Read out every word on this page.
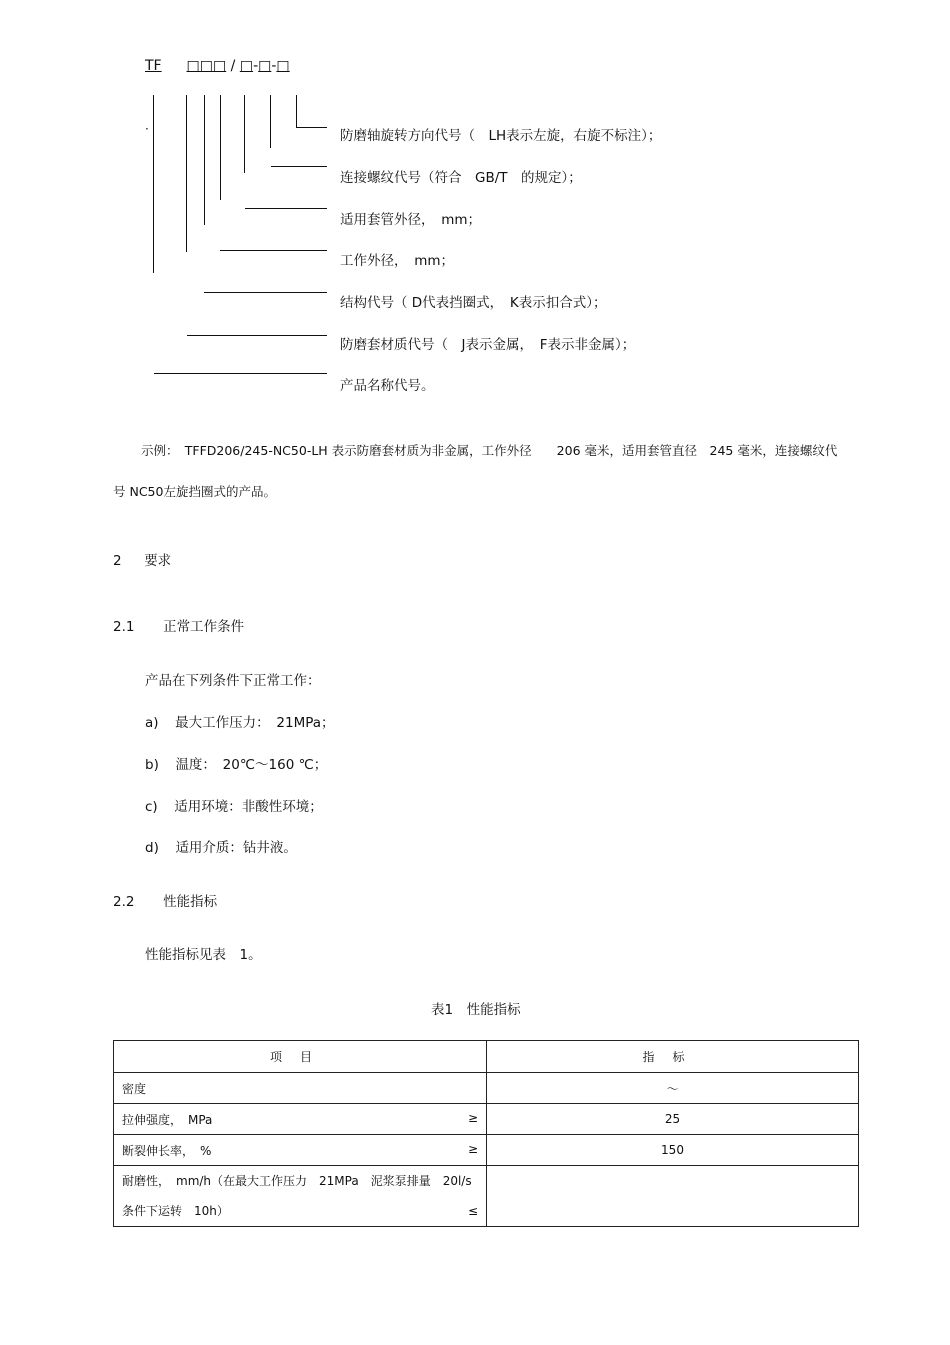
TF □□□ / □-□-□
·	防磨轴旋转方向代号（　LH表示左旋，右旋不标注）；
连接螺纹代号（符合　GB/T　的规定）；
适用套管外径，　mm；
工作外径，　mm；
结构代号（ D代表挡圈式，　K表示扣合式）；
防磨套材质代号（　J表示金属，　F表示非金属）；
产品名称代号。
示例：　TFFD206/245-NC50-LH 表示防磨套材质为非金属，工作外径　　206 毫米，适用套管直径　245 毫米，连接螺纹代
号 NC50左旋挡圈式的产品。
2 要求
2.1 正常工作条件
产品在下列条件下正常工作：
a) 最大工作压力：　21MPa；
b) 温度：　20℃～160 ℃；
c) 适用环境：非酸性环境；
d) 适用介质：钻井液。
2.2 性能指标
性能指标见表　1。
表1　性能指标
项目	指标
密度	～
拉伸强度，　MPa ≥	25
断裂伸长率，　% ≥	150

耐磨性，　mm/h（在最大工作压力　21MPa　泥浆泵排量　20l/s
条件下运转　10h） ≤	
